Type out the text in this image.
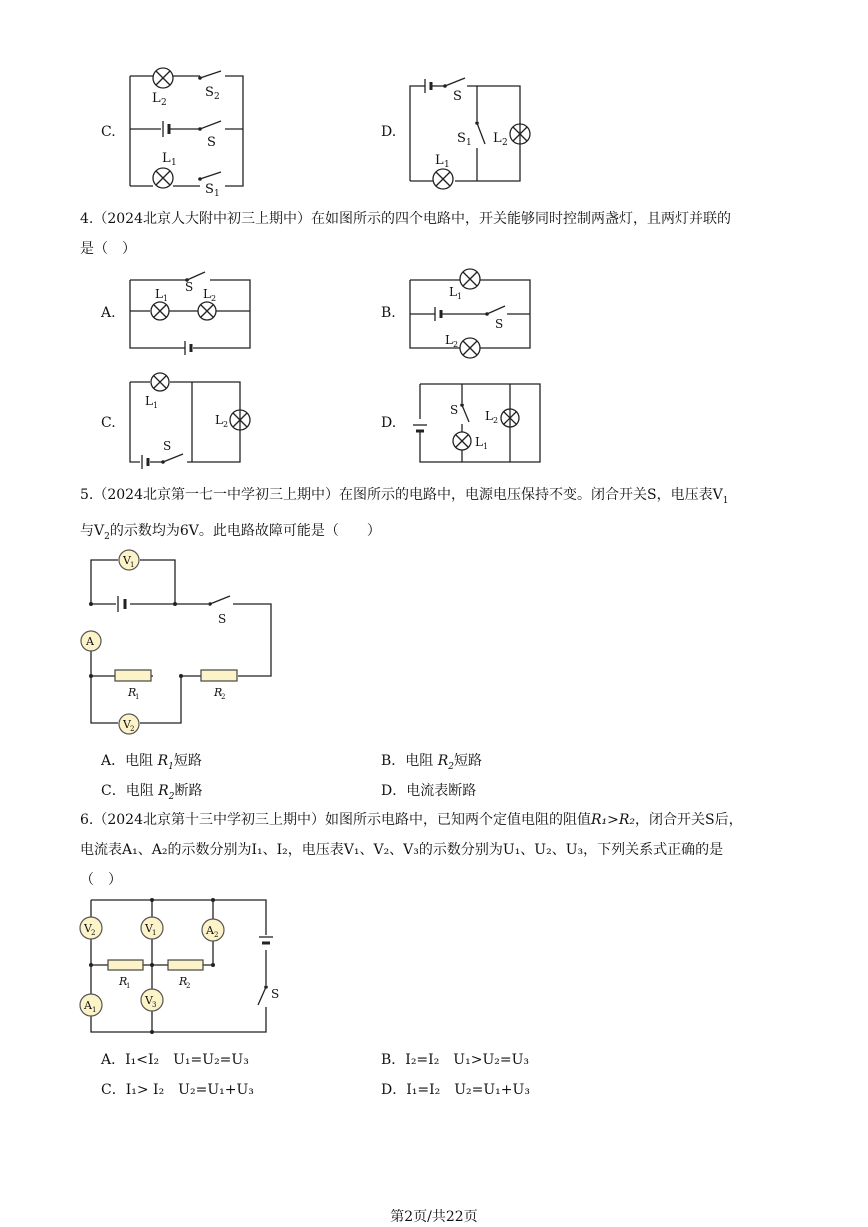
C.
L 2
S 2
S
L 1
S 1
D.
S
S 1 L 2
L 1

4.（2024北京人大附中初三上期中）在如图所示的四个电路中，开关能够同时控制两盏灯，且两灯并联的

是（　）

A.
S
L 1	L 2
B.
L 1
S
L 2
C.
L 1
L 2
S
D.
S L 2
L 1

5.（2024北京第一七一中学初三上期中）在图所示的电路中，电源电压保持不变。闭合开关S，电压表$V_1$

与$V_2$的示数均为6V。此电路故障可能是（　　）

V 1
A
V 2
S
R
1	R
2
A．电阻 $R_1$短路	B．电阻 $R_2$短路
C．电阻 $R_2$断路	D．电流表断路

6.（2024北京第十三中学初三上期中）如图所示电路中，已知两个定值电阻的阻值R₁>R₂，闭合开关S后，

电流表A₁、A₂的示数分别为I₁、I₂，电压表V₁、V₂、V₃的示数分别为U₁、U₂、U₃，下列关系式正确的是

（　）

V 2	V 1	A 2
A 1
V 3
R
1	R
2
S
A．I₁<I₂　U₁=U₂=U₃	B．I₂=I₂　U₁>U₂=U₃
C．I₁> I₂　U₂=U₁+U₃	D．I₁=I₂　U₂=U₁+U₃
第2页/共22页
